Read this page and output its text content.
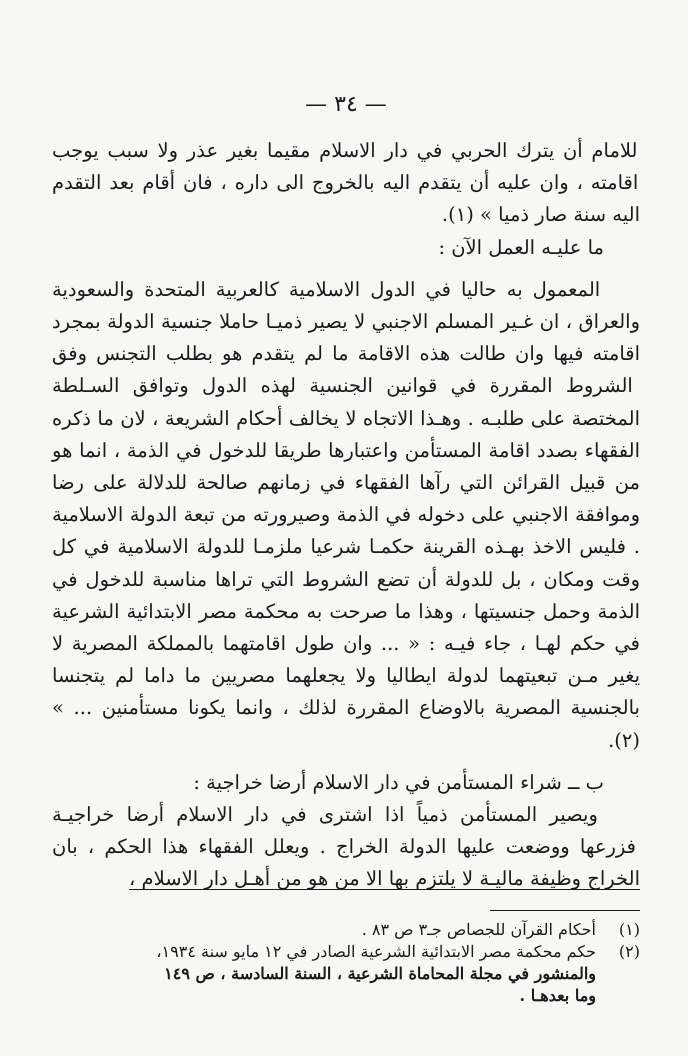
— ٣٤ —

للامام أن يترك الحربي في دار الاسلام مقيما بغير عذر ولا سبب يوجب اقامته ، وان عليه أن يتقدم اليه بالخروج الى داره ، فان أقام بعد التقدم اليه سنة صار ذميا » (١).

ما عليـه العمل الآن :

المعمول به حاليا في الدول الاسلامية كالعربية المتحدة والسعودية والعراق ، ان غـير المسلم الاجنبي لا يصير ذميـا حاملا جنسية الدولة بمجرد اقامته فيها وان طالت هذه الاقامة ما لم يتقدم هو بطلب التجنس وفق الشروط المقررة في قوانين الجنسية لهذه الدول وتوافق السـلطة المختصة على طلبـه . وهـذا الاتجاه لا يخالف أحكام الشريعة ، لان ما ذكره الفقهاء بصدد اقامة المستأمن واعتبارها طريقا للدخول في الذمة ، انما هو من قبيل القرائن التي رآها الفقهاء في زمانهم صالحة للدلالة على رضا وموافقة الاجنبي على دخوله في الذمة وصيرورته من تبعة الدولة الاسلامية . فليس الاخذ بهـذه القرينة حكمـا شرعيا ملزمـا للدولة الاسلامية في كل وقت ومكان ، بل للدولة أن تضع الشروط التي تراها مناسبة للدخول في الذمة وحمل جنسيتها ، وهذا ما صرحت به محكمة مصر الابتدائية الشرعية في حكم لهـا ، جاء فيـه : « ... وان طول اقامتهما بالمملكة المصرية لا يغير مـن تبعيتهما لدولة ايطاليا ولا يجعلهما مصريين ما داما لم يتجنسا بالجنسية المصرية بالاوضاع المقررة لذلك ، وانما يكونا مستأمنين ... » (٢).

ب ــ شراء المستأمن في دار الاسلام أرضا خراجية :

ويصير المستأمن ذمياً اذا اشترى في دار الاسلام أرضا خراجيـة فزرعها ووضعت عليها الدولة الخراج . ويعلل الفقهاء هذا الحكم ، بان الخراج وظيفة ماليـة لا يلتزم بها الا من هو من أهـل دار الاسلام ،

(١)
أحكام القرآن للجصاص جـ٣ ص ٨٣ .
(٢)
حكم محكمة مصر الابتدائية الشرعية الصادر في ١٢ مايو سنة ١٩٣٤،
والمنشور في مجلة المحاماة الشرعية ، السنة السادسة ، ص ١٤٩
وما بعدهـا .
